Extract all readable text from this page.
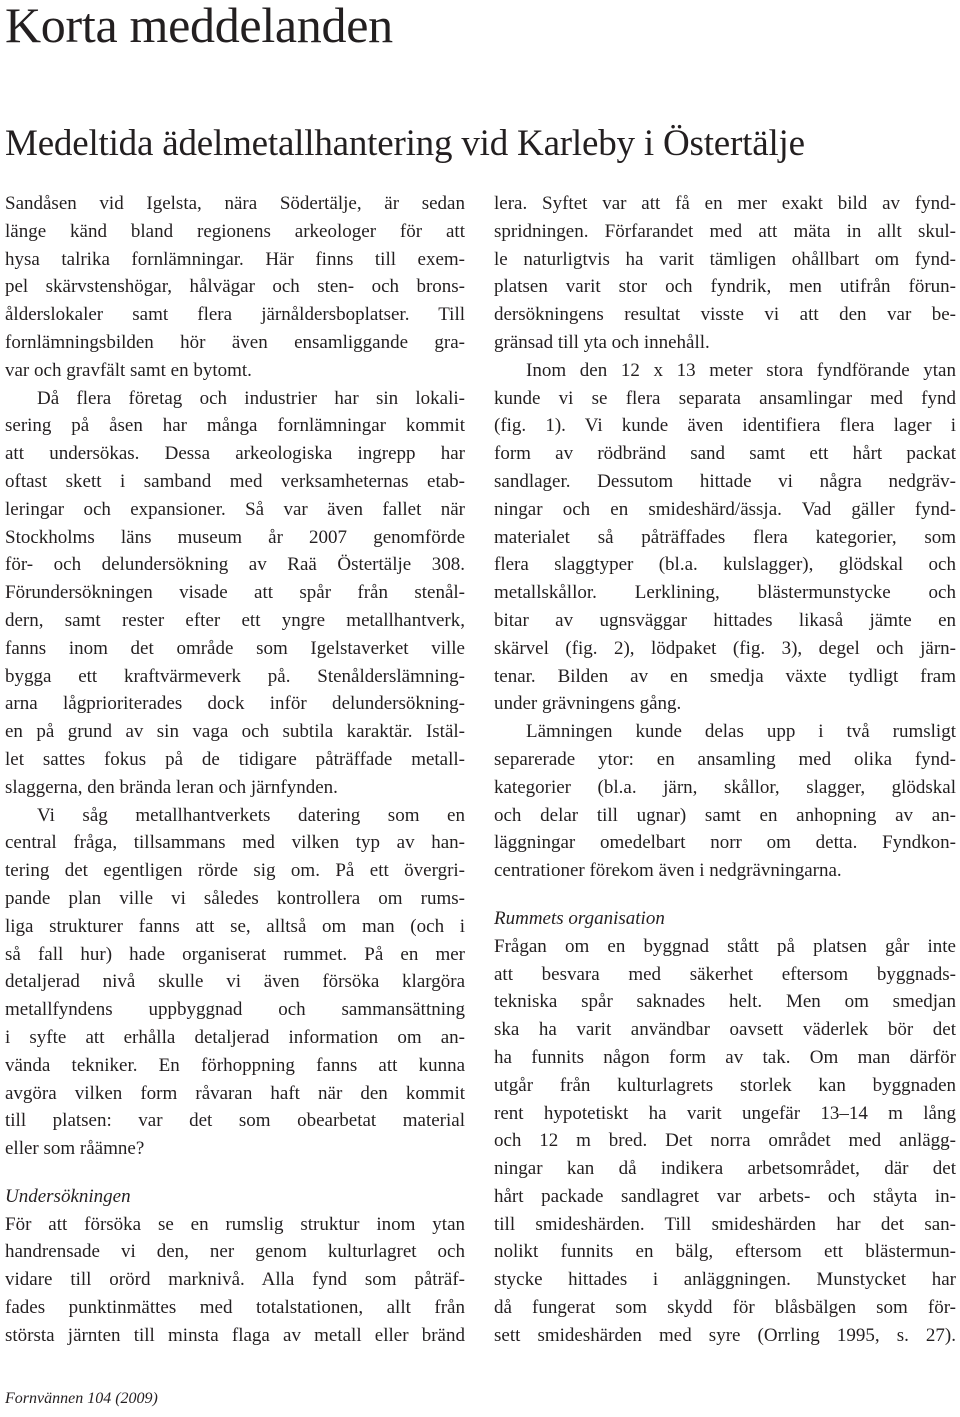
Korta meddelanden
Medeltida ädelmetallhantering vid Karleby i Östertälje
Sandåsen vid Igelsta, nära Södertälje, är sedan
länge känd bland regionens arkeologer för att
hysa talrika fornlämningar. Här finns till exem-
pel skärvstenshögar, hålvägar och sten- och brons-
ålderslokaler samt flera järnåldersboplatser. Till
fornlämningsbilden hör även ensamliggande gra-
var och gravfält samt en bytomt.
Då flera företag och industrier har sin lokali-
sering på åsen har många fornlämningar kommit
att undersökas. Dessa arkeologiska ingrepp har
oftast skett i samband med verksamheternas etab-
leringar och expansioner. Så var även fallet när
Stockholms läns museum år 2007 genomförde
för- och delundersökning av Raä Östertälje 308.
Förundersökningen visade att spår från stenål-
dern, samt rester efter ett yngre metallhantverk,
fanns inom det område som Igelstaverket ville
bygga ett kraftvärmeverk på. Stenålderslämning-
arna lågprioriterades dock inför delundersökning-
en på grund av sin vaga och subtila karaktär. Istäl-
let sattes fokus på de tidigare påträffade metall-
slaggerna, den brända leran och järnfynden.
Vi såg metallhantverkets datering som en
central fråga, tillsammans med vilken typ av han-
tering det egentligen rörde sig om. På ett övergri-
pande plan ville vi således kontrollera om rums-
liga strukturer fanns att se, alltså om man (och i
så fall hur) hade organiserat rummet. På en mer
detaljerad nivå skulle vi även försöka klargöra
metallfyndens uppbyggnad och sammansättning
i syfte att erhålla detaljerad information om an-
vända tekniker. En förhoppning fanns att kunna
avgöra vilken form råvaran haft när den kommit
till platsen: var det som obearbetat material
eller som råämne?
Undersökningen
För att försöka se en rumslig struktur inom ytan
handrensade vi den, ner genom kulturlagret och
vidare till orörd marknivå. Alla fynd som påträf-
fades punktinmättes med totalstationen, allt från
största järnten till minsta flaga av metall eller bränd
lera. Syftet var att få en mer exakt bild av fynd-
spridningen. Förfarandet med att mäta in allt skul-
le naturligtvis ha varit tämligen ohållbart om fynd-
platsen varit stor och fyndrik, men utifrån förun-
dersökningens resultat visste vi att den var be-
gränsad till yta och innehåll.
Inom den 12 x 13 meter stora fyndförande ytan
kunde vi se flera separata ansamlingar med fynd
(fig. 1). Vi kunde även identifiera flera lager i
form av rödbränd sand samt ett hårt packat
sandlager. Dessutom hittade vi några nedgräv-
ningar och en smideshärd/ässja. Vad gäller fynd-
materialet så påträffades flera kategorier, som
flera slaggtyper (bl.a. kulslagger), glödskal och
metallskållor. Lerklining, blästermunstycke och
bitar av ugnsväggar hittades likaså jämte en
skärvel (fig. 2), lödpaket (fig. 3), degel och järn-
tenar. Bilden av en smedja växte tydligt fram
under grävningens gång.
Lämningen kunde delas upp i två rumsligt
separerade ytor: en ansamling med olika fynd-
kategorier (bl.a. järn, skållor, slagger, glödskal
och delar till ugnar) samt en anhopning av an-
läggningar omedelbart norr om detta. Fyndkon-
centrationer förekom även i nedgrävningarna.
Rummets organisation
Frågan om en byggnad stått på platsen går inte
att besvara med säkerhet eftersom byggnads-
tekniska spår saknades helt. Men om smedjan
ska ha varit användbar oavsett väderlek bör det
ha funnits någon form av tak. Om man därför
utgår från kulturlagrets storlek kan byggnaden
rent hypotetiskt ha varit ungefär 13–14 m lång
och 12 m bred. Det norra området med anlägg-
ningar kan då indikera arbetsområdet, där det
hårt packade sandlagret var arbets- och ståyta in-
till smideshärden. Till smideshärden har det san-
nolikt funnits en bälg, eftersom ett blästermun-
stycke hittades i anläggningen. Munstycket har
då fungerat som skydd för blåsbälgen som för-
sett smideshärden med syre (Orrling 1995, s. 27).
Fornvännen 104 (2009)
